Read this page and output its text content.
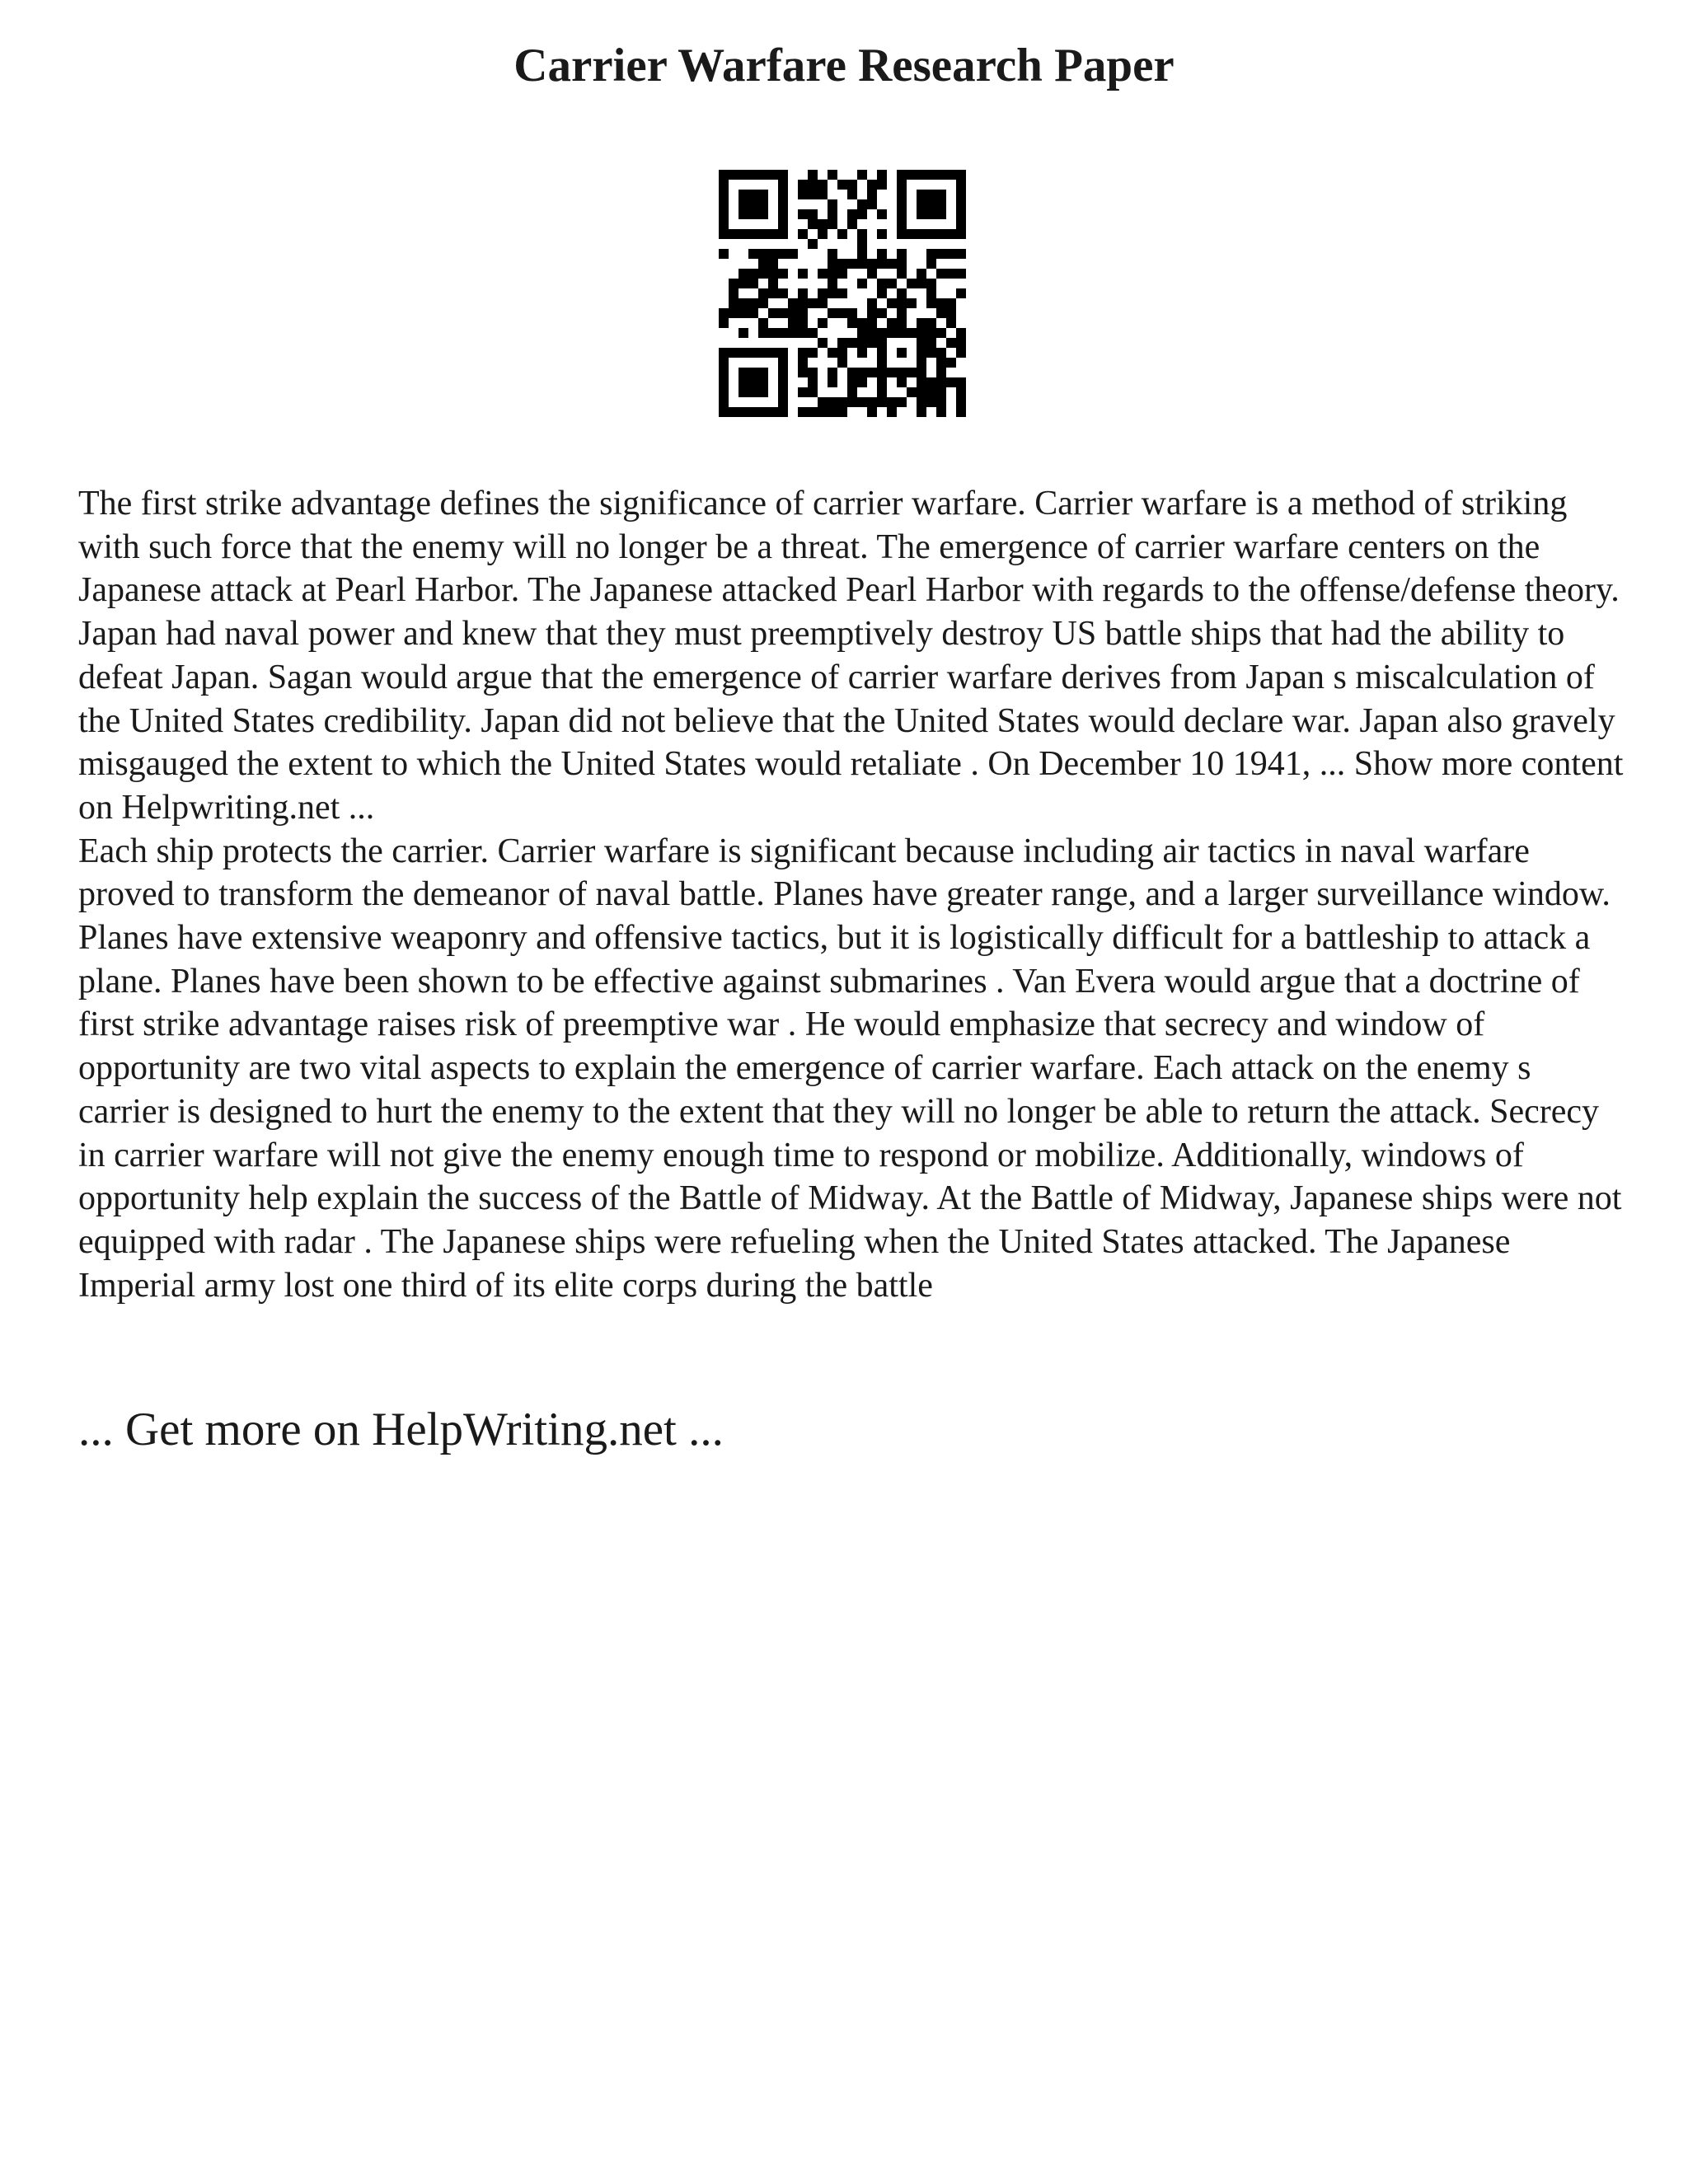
Carrier Warfare Research Paper

The first strike advantage defines the significance of carrier warfare. Carrier warfare is a method of striking with such force that the enemy will no longer be a threat. The emergence of carrier warfare centers on the Japanese attack at Pearl Harbor. The Japanese attacked Pearl Harbor with regards to the offense/defense theory. Japan had naval power and knew that they must preemptively destroy US battle ships that had the ability to defeat Japan. Sagan would argue that the emergence of carrier warfare derives from Japan s miscalculation of the United States credibility. Japan did not believe that the United States would declare war. Japan also gravely misgauged the extent to which the United States would retaliate . On December 10 1941, ... Show more content on Helpwriting.net ...

Each ship protects the carrier. Carrier warfare is significant because including air tactics in naval warfare proved to transform the demeanor of naval battle. Planes have greater range, and a larger surveillance window. Planes have extensive weaponry and offensive tactics, but it is logistically difficult for a battleship to attack a plane. Planes have been shown to be effective against submarines . Van Evera would argue that a doctrine of first strike advantage raises risk of preemptive war . He would emphasize that secrecy and window of opportunity are two vital aspects to explain the emergence of carrier warfare. Each attack on the enemy s carrier is designed to hurt the enemy to the extent that they will no longer be able to return the attack. Secrecy in carrier warfare will not give the enemy enough time to respond or mobilize. Additionally, windows of opportunity help explain the success of the Battle of Midway. At the Battle of Midway, Japanese ships were not equipped with radar . The Japanese ships were refueling when the United States attacked. The Japanese Imperial army lost one third of its elite corps during the battle

... Get more on HelpWriting.net ...
